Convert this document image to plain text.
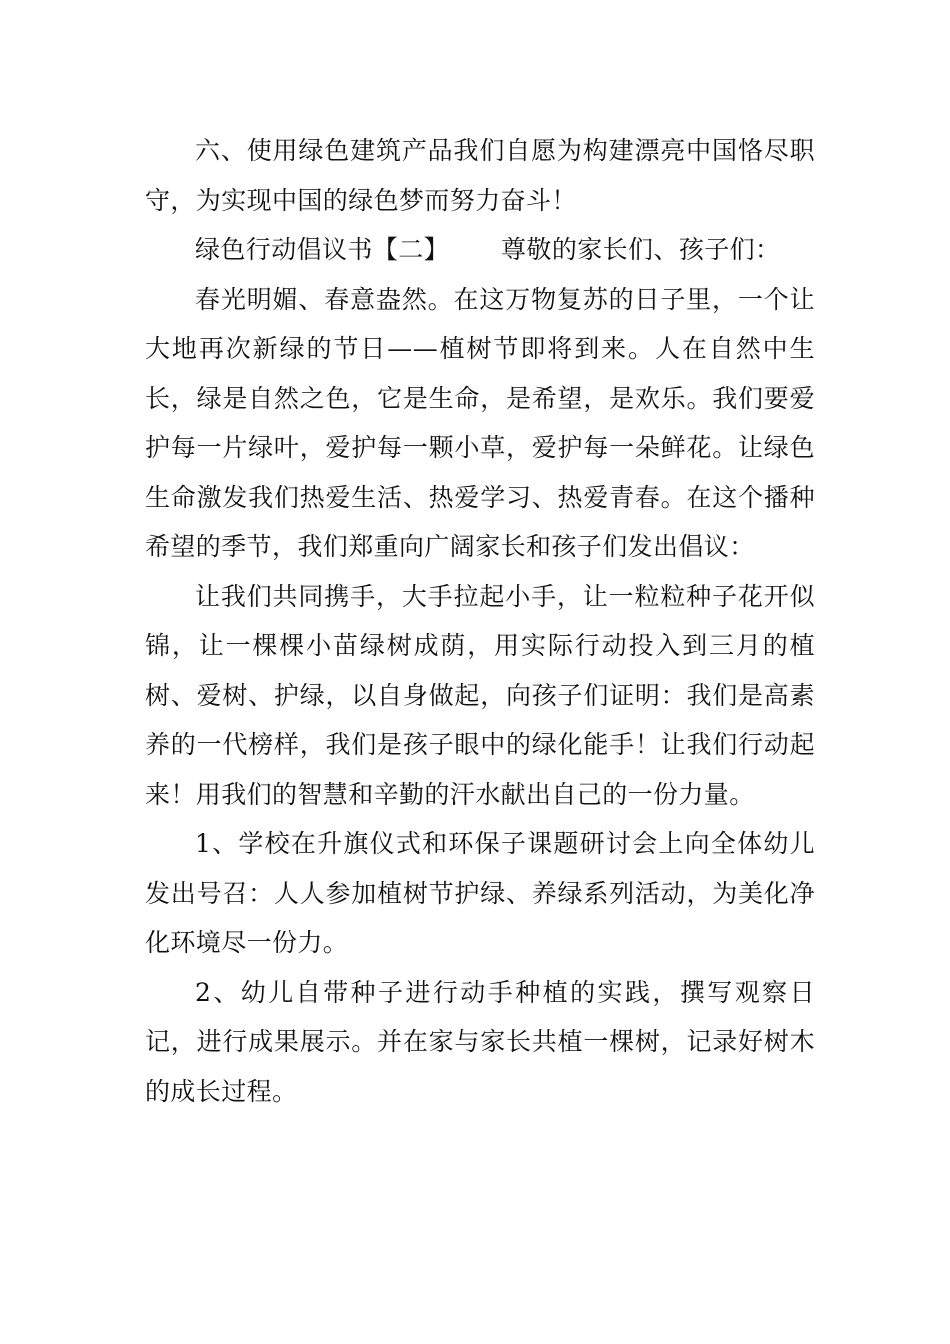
六、使用绿色建筑产品我们自愿为构建漂亮中国恪尽职守，为实现中国的绿色梦而努力奋斗！

绿色行动倡议书【二】 尊敬的家长们、孩子们：

春光明媚、春意盎然。在这万物复苏的日子里，一个让大地再次新绿的节日——植树节即将到来。人在自然中生长，绿是自然之色，它是生命，是希望，是欢乐。我们要爱护每一片绿叶，爱护每一颗小草，爱护每一朵鲜花。让绿色生命激发我们热爱生活、热爱学习、热爱青春。在这个播种希望的季节，我们郑重向广阔家长和孩子们发出倡议：

让我们共同携手，大手拉起小手，让一粒粒种子花开似锦，让一棵棵小苗绿树成荫，用实际行动投入到三月的植树、爱树、护绿，以自身做起，向孩子们证明：我们是高素养的一代榜样，我们是孩子眼中的绿化能手！让我们行动起来！用我们的智慧和辛勤的汗水献出自己的一份力量。

1、学校在升旗仪式和环保子课题研讨会上向全体幼儿发出号召：人人参加植树节护绿、养绿系列活动，为美化净化环境尽一份力。

2、幼儿自带种子进行动手种植的实践，撰写观察日记，进行成果展示。并在家与家长共植一棵树，记录好树木的成长过程。
